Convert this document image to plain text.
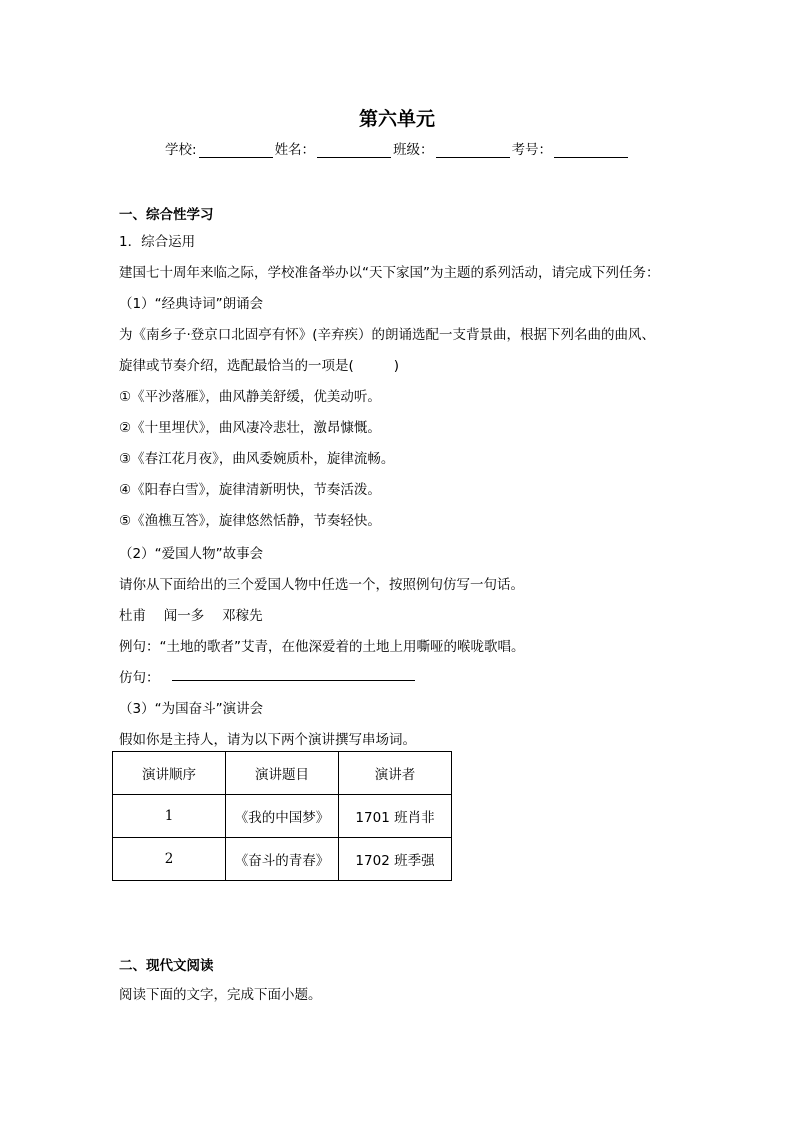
第六单元
学校:	姓名：	班级：	考号：
一、综合性学习
1．综合运用
建国七十周年来临之际，学校准备举办以“天下家国”为主题的系列活动，请完成下列任务：
（1）“经典诗词”朗诵会
为《南乡子·登京口北固亭有怀》(辛弃疾）的朗诵选配一支背景曲，根据下列名曲的曲风、
旋律或节奏介绍，选配最恰当的一项是(	)
①《平沙落雁》，曲风静美舒缓，优美动听。
②《十里埋伏》，曲风凄冷悲壮，激昂慷慨。
③《春江花月夜》，曲风委婉质朴，旋律流畅。
④《阳春白雪》，旋律清新明快，节奏活泼。
⑤《渔樵互答》，旋律悠然恬静，节奏轻快。
（2）“爱国人物”故事会
请你从下面给出的三个爱国人物中任选一个，按照例句仿写一句话。
杜甫　 闻一多　 邓稼先
例句：“土地的歌者”艾青，在他深爱着的土地上用嘶哑的喉咙歌唱。
仿句：
（3）“为国奋斗”演讲会
假如你是主持人，请为以下两个演讲撰写串场词。
演讲顺序	演讲题目	演讲者
1	《我的中国梦》	1701 班肖非
2	《奋斗的青春》	1702 班季强
二、现代文阅读
阅读下面的文字，完成下面小题。
